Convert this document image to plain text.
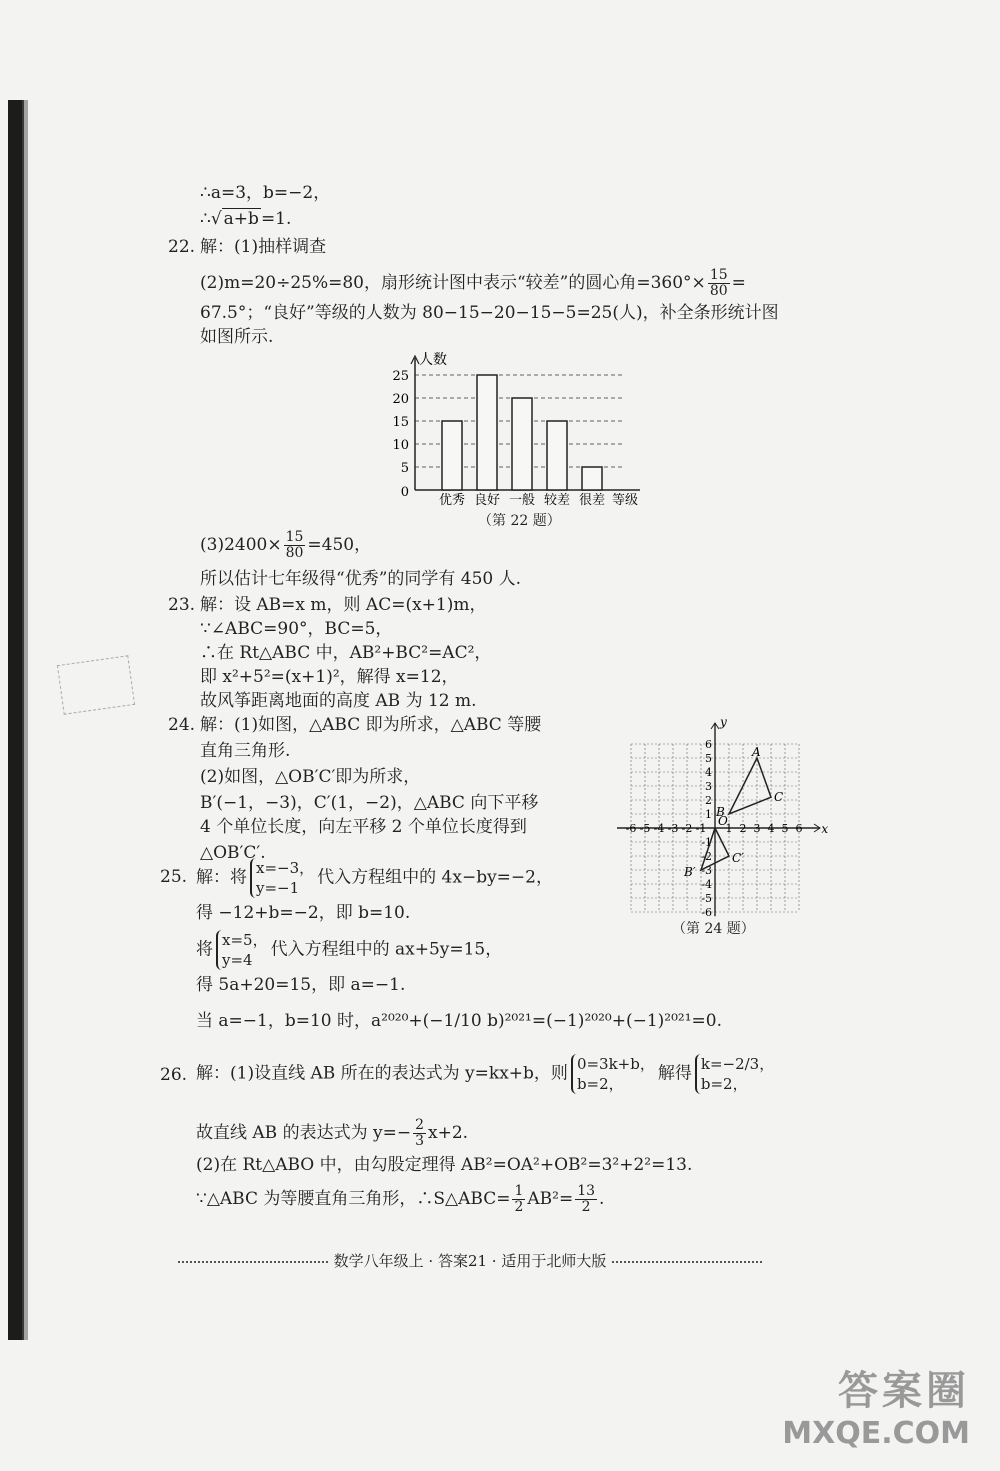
∴a=3，b=−2，
∴√ a+b =1.
22. 解：(1)抽样调查
(2)m=20÷25%=80，扇形统计图中表示“较差”的圆心角$=360^\circ\times \frac{15}{80}$ =
67.5°；“良好”等级的人数为 80−15−20−15−5=25(人)，补全条形统计图
如图所示.
人数
等级
0
5
10
15
20
25
优秀 良好 一般 较差 很差
（第 22 题）
$(3)2400\times \frac{15}{80} =450$，
所以估计七年级得“优秀”的同学有 450 人.
23. 解：设 AB=x m，则 AC=(x+1)m，
∵∠ABC=90°，BC=5，
∴在 Rt△ABC 中，AB²+BC²=AC²，
即 x²+5²=(x+1)²，解得 x=12，
故风筝距离地面的高度 AB 为 12 m.
24. 解：(1)如图，△ABC 即为所求，△ABC 等腰
直角三角形.
(2)如图，△OB′C′即为所求，
B′(−1，−3)，C′(1，−2)，△ABC 向下平移
4 个单位长度，向左平移 2 个单位长度得到
△OB′C′.
x
y
-6 -5 -4 -3 -2 -1 1 2 3 4 5 6
6
5
4
3
2
1
-1
-2
-3
-4
-5
-6
O
A
B
C
B′
C′
（第 24 题）
25. 解：将 x=−3，
y=−1
代入方程组中的 4x−by=−2，
得 −12+b=−2，即 b=10.
将 x=5，
y=4
代入方程组中的 ax+5y=15，
得 5a+20=15，即 a=−1.
当 a=−1，b=10 时，a²⁰²⁰+(−1/10 b)²⁰²¹=(−1)²⁰²⁰+(−1)²⁰²¹=0.
26. 解：(1)设直线 AB 所在的表达式为 y=kx+b，则 0=3k+b，
b=2，
解得 k=−2/3，
b=2，
故直线 AB 的表达式为 $y=- \frac{2}{3} x+2$.
(2)在 Rt△ABO 中，由勾股定理得 AB²=OA²+OB²=3²+2²=13.
∵△ABC 为等腰直角三角形，∴S△ABC= $\frac{1}{2} AB^2= \frac{13}{2}$ .
数学八年级上 · 答案21 · 适用于北师大版
答案圈
MXQE.COM
